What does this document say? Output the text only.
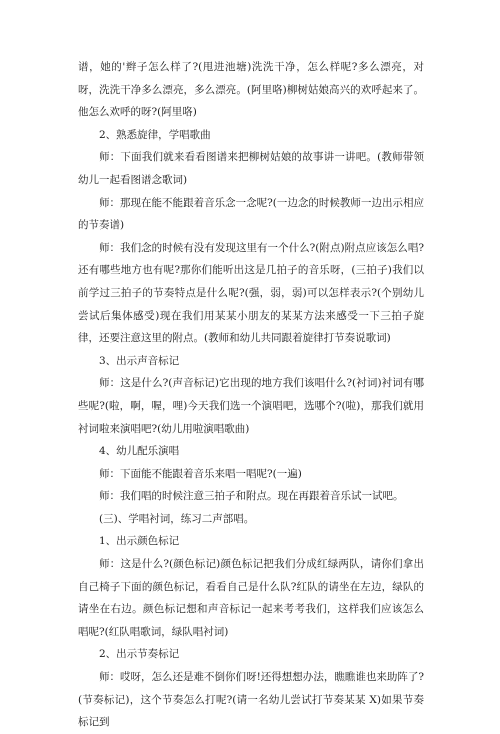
谱，她的'辫子怎么样了?(甩进池塘)洗洗干净，怎么样呢?多么漂亮，对呀，洗洗干净多么漂亮，多么漂亮。(阿里咯)柳树姑娘高兴的欢呼起来了。他怎么欢呼的呀?(阿里咯)

2、熟悉旋律，学唱歌曲

师：下面我们就来看看图谱来把柳树姑娘的故事讲一讲吧。(教师带领幼儿一起看图谱念歌词)

师：那现在能不能跟着音乐念一念呢?(一边念的时候教师一边出示相应的节奏谱)

师：我们念的时候有没有发现这里有一个什么?(附点)附点应该怎么唱?还有哪些地方也有呢?那你们能听出这是几拍子的音乐呀，(三拍子)我们以前学过三拍子的节奏特点是什么呢?(强，弱，弱)可以怎样表示?(个别幼儿尝试后集体感受)现在我们用某某小朋友的某某方法来感受一下三拍子旋律，还要注意这里的附点。(教师和幼儿共同跟着旋律打节奏说歌词)

3、出示声音标记

师：这是什么?(声音标记)它出现的地方我们该唱什么?(衬词)衬词有哪些呢?(啦，啊，喔，哩)今天我们选一个演唱吧，选哪个?(啦)，那我们就用衬词啦来演唱吧?(幼儿用啦演唱歌曲)

4、幼儿配乐演唱

师：下面能不能跟着音乐来唱一唱呢?(一遍)

师：我们唱的时候注意三拍子和附点。现在再跟着音乐试一试吧。

(三)、学唱衬词，练习二声部唱。

1、出示颜色标记

师：这是什么?(颜色标记)颜色标记把我们分成红绿两队，请你们拿出自己椅子下面的颜色标记，看看自己是什么队?红队的请坐在左边，绿队的请坐在右边。颜色标记想和声音标记一起来考考我们，这样我们应该怎么唱呢?(红队唱歌词，绿队唱衬词)

2、出示节奏标记

师：哎呀，怎么还是难不倒你们呀!还得想想办法，瞧瞧谁也来助阵了?(节奏标记)，这个节奏怎么打呢?(请一名幼儿尝试打节奏某某 X)如果节奏标记到
